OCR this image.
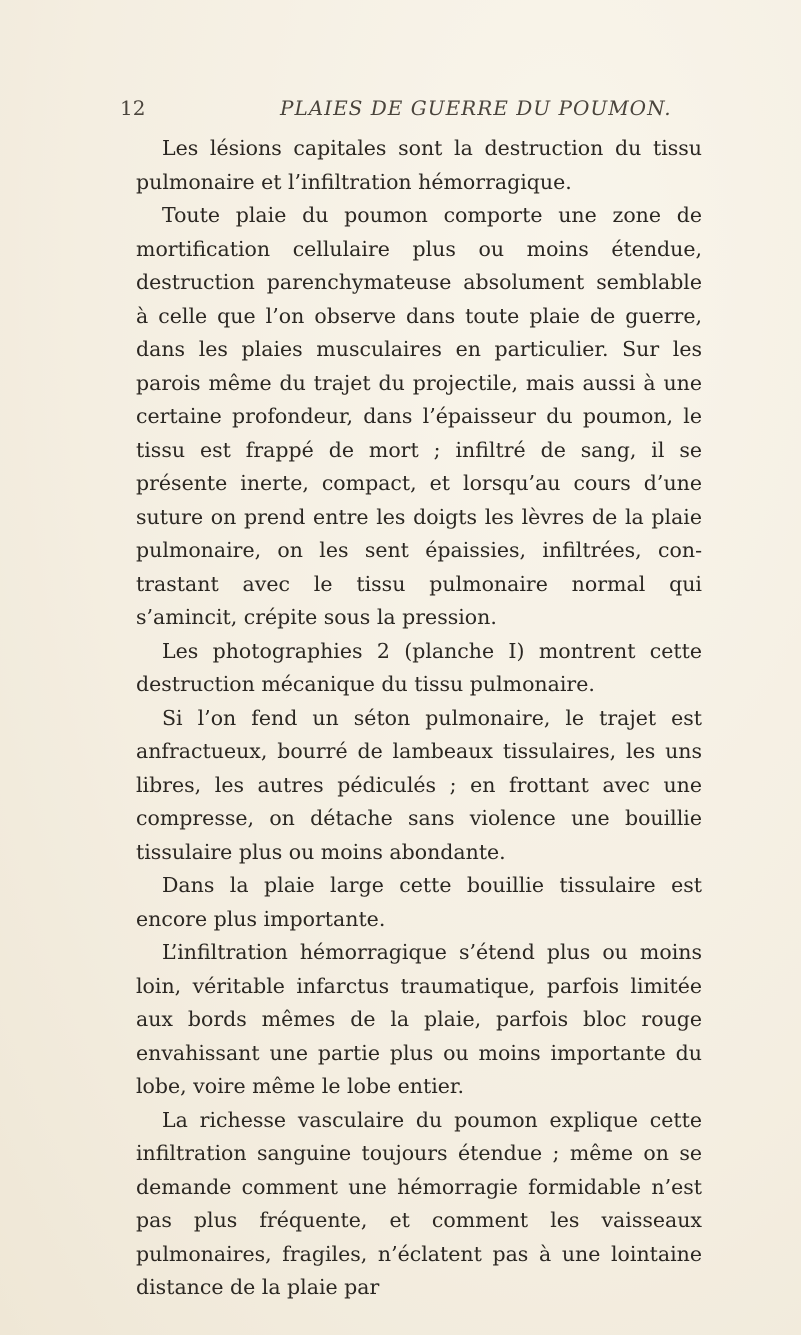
12	PLAIES DE GUERRE DU POUMON.

Les lésions capitales sont la destruction du tissu pulmonaire et l’infiltration hémorragique.

Toute plaie du poumon comporte une zone de mortification cellulaire plus ou moins étendue, destruction parenchymateuse absolument semblable à celle que l’on observe dans toute plaie de guerre, dans les plaies musculaires en particulier. Sur les parois même du trajet du projectile, mais aussi à une certaine profondeur, dans l’épaisseur du poumon, le tissu est frappé de mort ; infiltré de sang, il se présente inerte, compact, et lorsqu’au cours d’une suture on prend entre les doigts les lèvres de la plaie pulmonaire, on les sent épaissies, infiltrées, contrastant avec le tissu pulmonaire normal qui s’amincit, crépite sous la pression.

Les photographies 2 (planche I) montrent cette destruction mécanique du tissu pulmonaire.

Si l’on fend un séton pulmonaire, le trajet est anfractueux, bourré de lambeaux tissulaires, les uns libres, les autres pédiculés ; en frottant avec une compresse, on détache sans violence une bouillie tissulaire plus ou moins abondante.

Dans la plaie large cette bouillie tissulaire est encore plus importante.

L’infiltration hémorragique s’étend plus ou moins loin, véritable infarctus traumatique, parfois limitée aux bords mêmes de la plaie, parfois bloc rouge envahissant une partie plus ou moins importante du lobe, voire même le lobe entier.

La richesse vasculaire du poumon explique cette infiltration sanguine toujours étendue ; même on se demande comment une hémorragie formidable n’est pas plus fréquente, et comment les vaisseaux pulmonaires, fragiles, n’éclatent pas à une lointaine distance de la plaie par
